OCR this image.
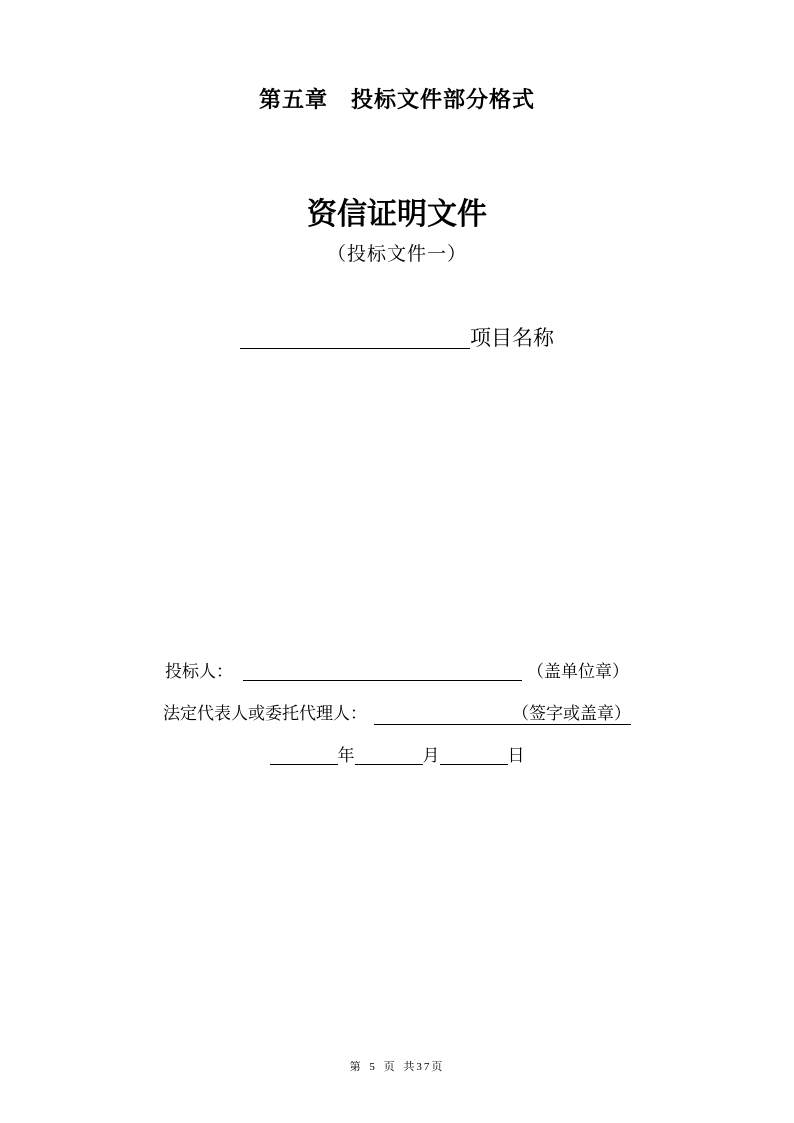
第五章　投标文件部分格式
资信证明文件
（投标文件一）
项目名称
投标人：	（盖单位章）
法定代表人或委托代理人：	（签字或盖章）
年	月	日
第 5 页 共37页
